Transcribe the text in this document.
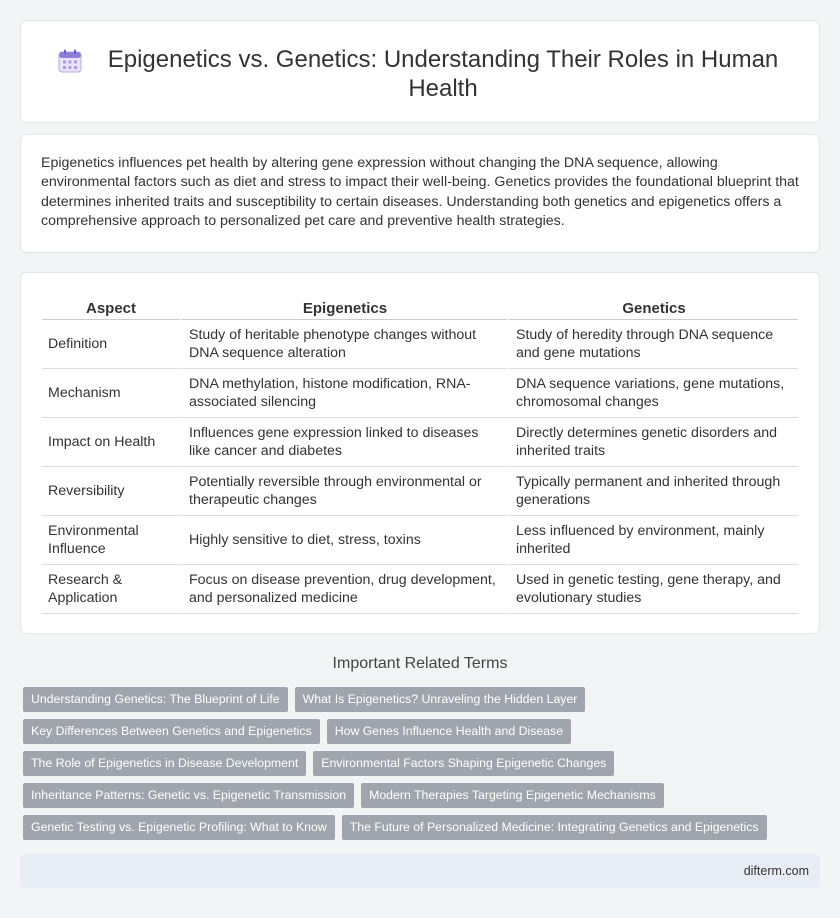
Epigenetics vs. Genetics: Understanding Their Roles in Human Health

Epigenetics influences pet health by altering gene expression without changing the DNA sequence, allowing environmental factors such as diet and stress to impact their well-being. Genetics provides the foundational blueprint that determines inherited traits and susceptibility to certain diseases. Understanding both genetics and epigenetics offers a comprehensive approach to personalized pet care and preventive health strategies.

Aspect	Epigenetics	Genetics
Definition	Study of heritable phenotype changes without DNA sequence alteration	Study of heredity through DNA sequence and gene mutations
Mechanism	DNA methylation, histone modification, RNA-associated silencing	DNA sequence variations, gene mutations, chromosomal changes
Impact on Health	Influences gene expression linked to diseases like cancer and diabetes	Directly determines genetic disorders and inherited traits
Reversibility	Potentially reversible through environmental or therapeutic changes	Typically permanent and inherited through generations
Environmental Influence	Highly sensitive to diet, stress, toxins	Less influenced by environment, mainly inherited
Research & Application	Focus on disease prevention, drug development, and personalized medicine	Used in genetic testing, gene therapy, and evolutionary studies
Important Related Terms
Understanding Genetics: The Blueprint of Life	What Is Epigenetics? Unraveling the Hidden Layer
Key Differences Between Genetics and Epigenetics	How Genes Influence Health and Disease
The Role of Epigenetics in Disease Development	Environmental Factors Shaping Epigenetic Changes
Inheritance Patterns: Genetic vs. Epigenetic Transmission	Modern Therapies Targeting Epigenetic Mechanisms
Genetic Testing vs. Epigenetic Profiling: What to Know	The Future of Personalized Medicine: Integrating Genetics and Epigenetics
difterm.com
